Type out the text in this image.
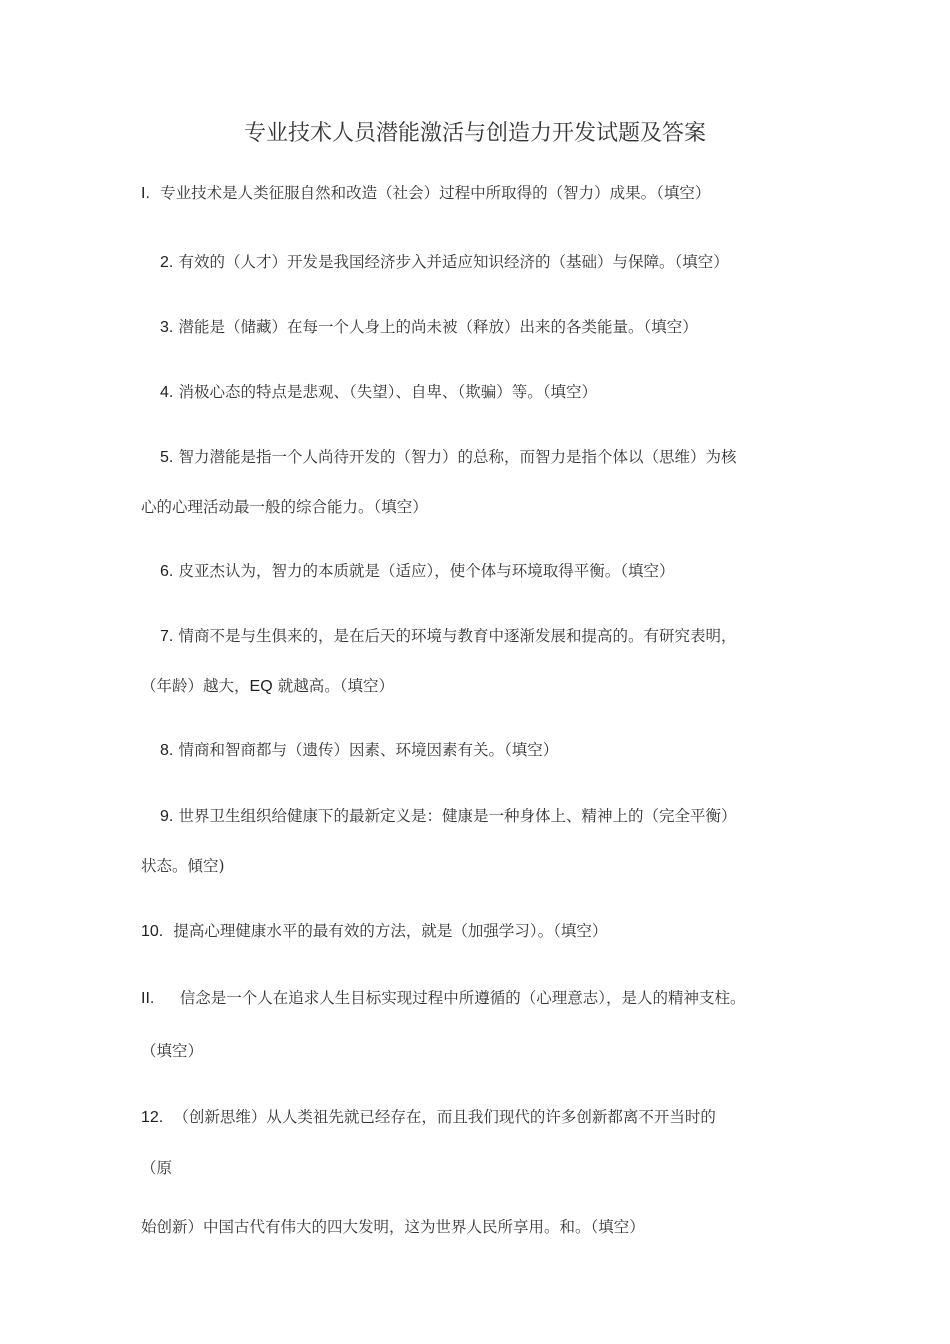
专业技术人员潜能激活与创造力开发试题及答案
I. 专业技术是人类征服自然和改造（社会）过程中所取得的（智力）成果。（填空）
2. 有效的（人才）开发是我国经济步入并适应知识经济的（基础）与保障。（填空）
3. 潜能是（储藏）在每一个人身上的尚未被（释放）出来的各类能量。（填空）
4. 消极心态的特点是悲观、（失望）、自卑、（欺骗）等。（填空）
5. 智力潜能是指一个人尚待开发的（智力）的总称，而智力是指个体以（思维）为核
心的心理活动最一般的综合能力。（填空）
6. 皮亚杰认为，智力的本质就是（适应），使个体与环境取得平衡。（填空）
7. 情商不是与生俱来的，是在后天的环境与教育中逐渐发展和提高的。有研究表明，
（年龄）越大，EQ 就越高。（填空）
8. 情商和智商都与（遗传）因素、环境因素有关。（填空）
9. 世界卫生组织给健康下的最新定义是：健康是一种身体上、精神上的（完全平衡）
状态。傾空)
10. 提高心理健康水平的最有效的方法，就是（加强学习）。（填空）
II. 信念是一个人在追求人生目标实现过程中所遵循的（心理意志），是人的精神支柱。
（填空）
12. （创新思维）从人类祖先就已经存在，而且我们现代的许多创新都离不开当时的
（原
始创新）中国古代有伟大的四大发明，这为世界人民所享用。和。（填空）
